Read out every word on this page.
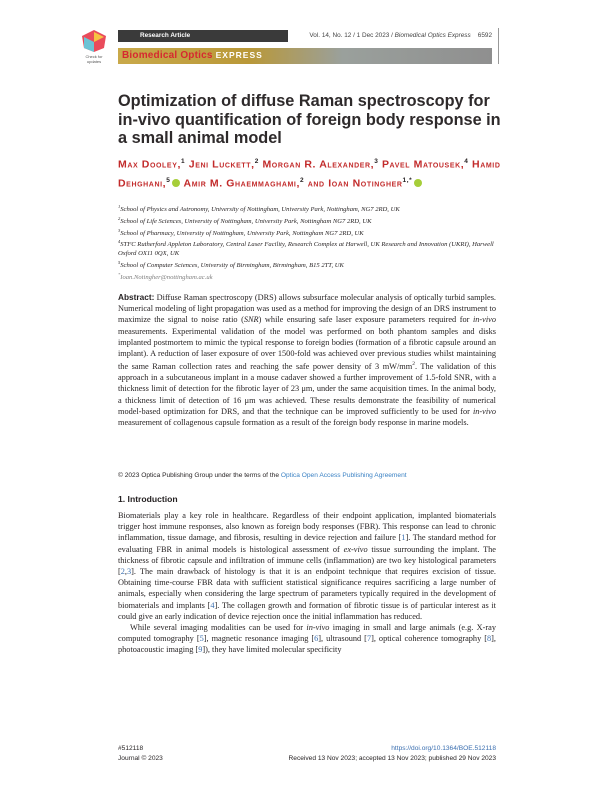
Check for
updates
Research Article	Vol. 14, No. 12 / 1 Dec 2023 / Biomedical Optics Express 6592
Biomedical Optics EXPRESS
Optimization of diffuse Raman spectroscopy for in-vivo quantification of foreign body response in a small animal model
Max Dooley,$^1$ Jeni Luckett,$^2$ Morgan R. Alexander,$^3$ Pavel Matousek,$^4$ Hamid Dehghani,$^5$ Amir M. Ghaemmaghami,$^2$ and Ioan Notingher$^{1,*}$
$^1$School of Physics and Astronomy, University of Nottingham, University Park, Nottingham, NG7 2RD, UK
$^2$School of Life Sciences, University of Nottingham, University Park, Nottingham NG7 2RD, UK
$^3$School of Pharmacy, University of Nottingham, University Park, Nottingham NG7 2RD, UK
$^4$STFC Rutherford Appleton Laboratory, Central Laser Facility, Research Complex at Harwell, UK Research and Innovation (UKRI), Harwell Oxford OX11 0QX, UK
$^5$School of Computer Sciences, University of Birmingham, Birmingham, B15 2TT, UK
*Ioan.Notingher@nottingham.ac.uk
Abstract: Diffuse Raman spectroscopy (DRS) allows subsurface molecular analysis of optically turbid samples. Numerical modeling of light propagation was used as a method for improving the design of an DRS instrument to maximize the signal to noise ratio (SNR) while ensuring safe laser exposure parameters required for in-vivo measurements. Experimental validation of the model was performed on both phantom samples and disks implanted postmortem to mimic the typical response to foreign bodies (formation of a fibrotic capsule around an implant). A reduction of laser exposure of over 1500-fold was achieved over previous studies whilst maintaining the same Raman collection rates and reaching the safe power density of 3 $mW/mm^2$. The validation of this approach in a subcutaneous implant in a mouse cadaver showed a further improvement of 1.5-fold SNR, with a thickness limit of detection for the fibrotic layer of 23 μm, under the same acquisition times. In the animal body, a thickness limit of detection of 16 μm was achieved. These results demonstrate the feasibility of numerical model-based optimization for DRS, and that the technique can be improved sufficiently to be used for in-vivo measurement of collagenous capsule formation as a result of the foreign body response in marine models.
© 2023 Optica Publishing Group under the terms of the Optica Open Access Publishing Agreement
1. Introduction

Biomaterials play a key role in healthcare. Regardless of their endpoint application, implanted biomaterials trigger host immune responses, also known as foreign body responses (FBR). This response can lead to chronic inflammation, tissue damage, and fibrosis, resulting in device rejection and failure [1]. The standard method for evaluating FBR in animal models is histological assessment of ex-vivo tissue surrounding the implant. The thickness of fibrotic capsule and infiltration of immune cells (inflammation) are two key histological parameters [2,3]. The main drawback of histology is that it is an endpoint technique that requires excision of tissue. Obtaining time-course FBR data with sufficient statistical significance requires sacrificing a large number of animals, especially when considering the large spectrum of parameters typically required in the development of biomaterials and implants [4]. The collagen growth and formation of fibrotic tissue is of particular interest as it could give an early indication of device rejection once the initial inflammation has reduced.

While several imaging modalities can be used for in-vivo imaging in small and large animals (e.g. X-ray computed tomography [5], magnetic resonance imaging [6], ultrasound [7], optical coherence tomography [8], photoacoustic imaging [9]), they have limited molecular specificity

#512118
Journal © 2023
https://doi.org/10.1364/BOE.512118
Received 13 Nov 2023; accepted 13 Nov 2023; published 29 Nov 2023
